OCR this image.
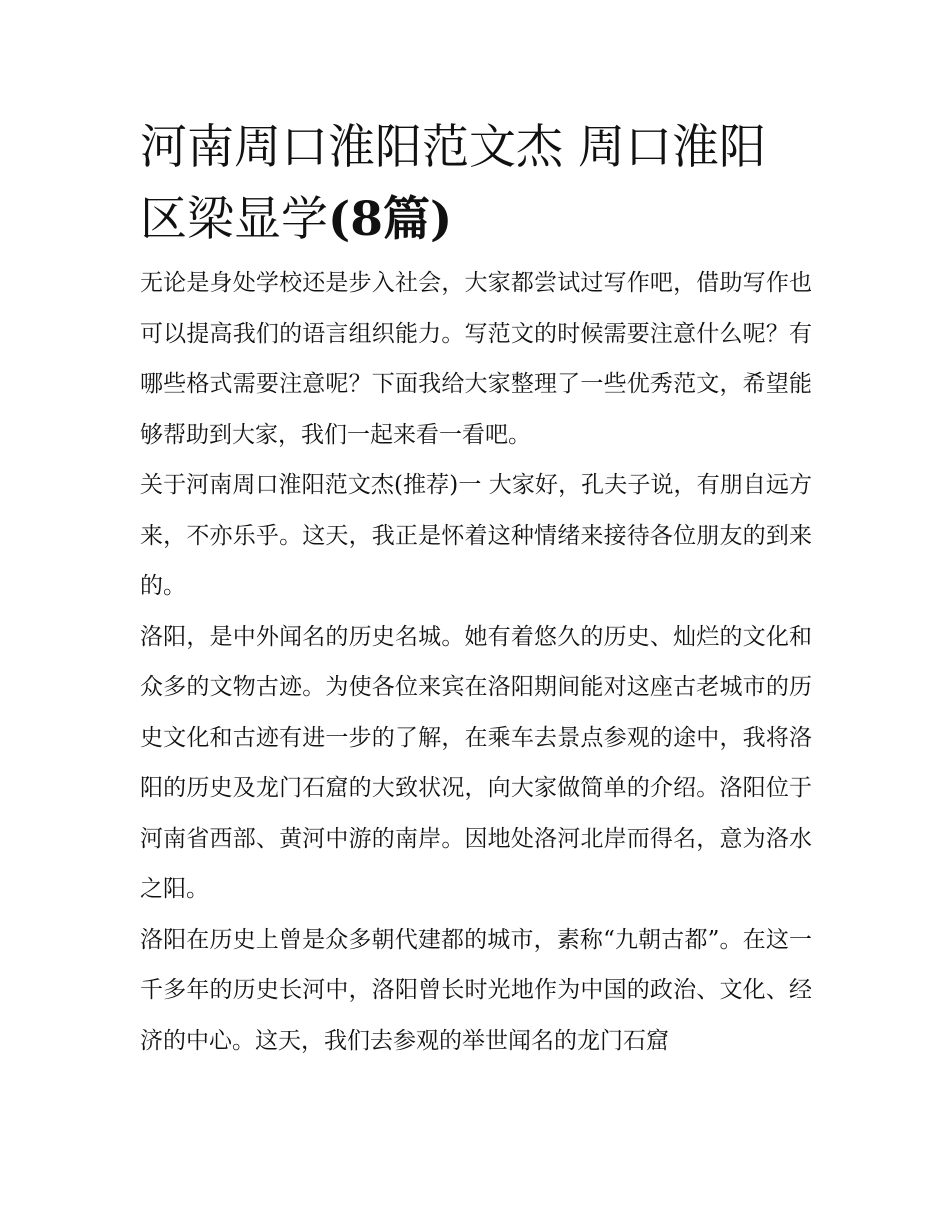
河南周口淮阳范文杰 周口淮阳区梁显学(8篇)

无论是身处学校还是步入社会，大家都尝试过写作吧，借助写作也可以提高我们的语言组织能力。写范文的时候需要注意什么呢？有哪些格式需要注意呢？下面我给大家整理了一些优秀范文，希望能够帮助到大家，我们一起来看一看吧。

关于河南周口淮阳范文杰(推荐)一 大家好，孔夫子说，有朋自远方来，不亦乐乎。这天，我正是怀着这种情绪来接待各位朋友的到来的。

洛阳，是中外闻名的历史名城。她有着悠久的历史、灿烂的文化和众多的文物古迹。为使各位来宾在洛阳期间能对这座古老城市的历史文化和古迹有进一步的了解，在乘车去景点参观的途中，我将洛阳的历史及龙门石窟的大致状况，向大家做简单的介绍。洛阳位于河南省西部、黄河中游的南岸。因地处洛河北岸而得名，意为洛水之阳。

洛阳在历史上曾是众多朝代建都的城市，素称“九朝古都”。在这一千多年的历史长河中，洛阳曾长时光地作为中国的政治、文化、经济的中心。这天，我们去参观的举世闻名的龙门石窟
